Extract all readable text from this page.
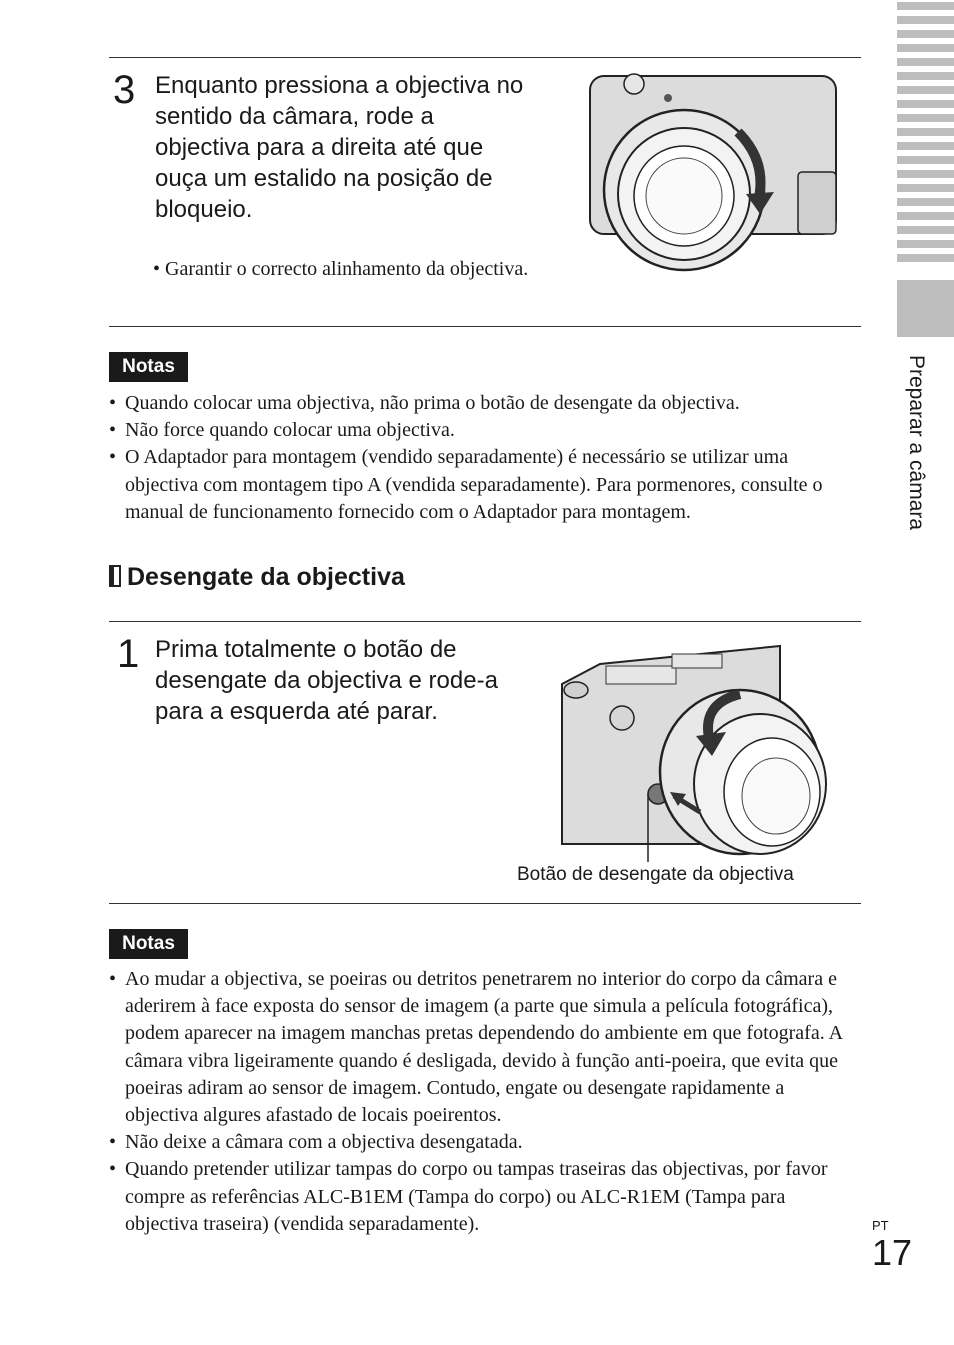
Preparar a câmara
3 Enquanto pressiona a objectiva no sentido da câmara, rode a objectiva para a direita até que ouça um estalido na posição de bloqueio.

• Garantir o correcto alinhamento da objectiva.
Notas
• Quando colocar uma objectiva, não prima o botão de desengate da objectiva.
• Não force quando colocar uma objectiva.
• O Adaptador para montagem (vendido separadamente) é necessário se utilizar uma objectiva com montagem tipo A (vendida separadamente). Para pormenores, consulte o manual de funcionamento fornecido com o Adaptador para montagem.
Desengate da objectiva
1 Prima totalmente o botão de desengate da objectiva e rode-a para a esquerda até parar.

Botão de desengate da objectiva
Notas
• Ao mudar a objectiva, se poeiras ou detritos penetrarem no interior do corpo da câmara e aderirem à face exposta do sensor de imagem (a parte que simula a película fotográfica), podem aparecer na imagem manchas pretas dependendo do ambiente em que fotografa. A câmara vibra ligeiramente quando é desligada, devido à função anti-poeira, que evita que poeiras adiram ao sensor de imagem. Contudo, engate ou desengate rapidamente a objectiva algures afastado de locais poeirentos.
• Não deixe a câmara com a objectiva desengatada.
• Quando pretender utilizar tampas do corpo ou tampas traseiras das objectivas, por favor compre as referências ALC-B1EM (Tampa do corpo) ou ALC-R1EM (Tampa para objectiva traseira) (vendida separadamente).	PT
17
